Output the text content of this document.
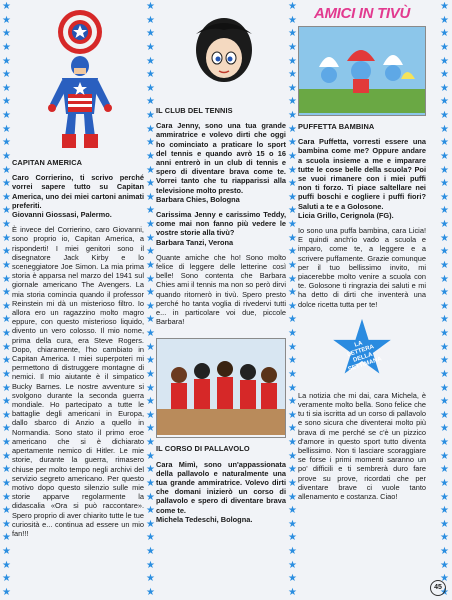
★
★
★
★
★
★
★
★
★
★
★
★
★
★
★
★
★
★
★
★
★
★
★
★
★
★
★
★
★
★
★
★
★
★
★
★
★
★
★
★
★
★
★
★
★
★
★
★
★
★
★
★
★
★
★
★
★
★
★
★
★
★
★
★
★
★
★
★
★
★
★
★
★
★
★
★
★
★
★
★
★
★
★
★
★
★
★
★
★
★
★
★
★
★
★
★
★
★
★
★
★
★
★
★
★
★
★
★
★
★
★
★
★
★
★
★
★
★
★
★
★
★
★
★
★
★
★
★
★
★
★
★
★
★
★
★
★
★
★
★
★
★
★
★
★
★
★
★
★
★
★
★
★
★
★
★
★
★
★
★
★
★
★
★
★
★
★
★
★
★
★
★
★
★
★
★
CAPITAN AMERICA

Caro Corrierino, ti scrivo perché vorrei sapere tutto su Capitan America, uno dei miei cartoni animati preferiti.
Giovanni Giossasi, Palermo.

È invece del Corrierino, caro Giovanni, sono proprio io, Capitan America, a risponderti! I miei genitori sono il disegnatore Jack Kirby e lo sceneggiatore Joe Simon. La mia prima storia è apparsa nel marzo del 1941 sul giornale americano The Avengers. La mia storia comincia quando il professor Reinstein mi dà un misterioso filtro. Io allora ero un ragazzino molto magro eppure, con questo misterioso liquido, divento un vero colosso. Il mio nome, prima della cura, era Steve Rogers. Dopo, chiaramente, l'ho cambiato in Capitan America. I miei superpoteri mi permettono di distruggere montagne di nemici. Il mio aiutante è il simpatico Bucky Barnes. Le nostre avventure si svolgono durante la seconda guerra mondiale. Ho partecipato a tutte le battaglie degli americani in Europa, dallo sbarco di Anzio a quello in Normandia. Sono stato il primo eroe americano che si è dichiarato apertamente nemico di Hitler. Le mie storie, durante la guerra, rimasero chiuse per molto tempo negli archivi del servizio segreto americano. Per questo motivo dopo questo silenzio sulle mie storie apparve regolarmente la didascalia «Ora si può raccontare». Spero proprio di aver chiarito tutte le tue curiosità e... continua ad essere un mio fan!!!

IL CLUB DEL TENNIS

Cara Jenny, sono una tua grande ammiratrice e volevo dirti che oggi ho cominciato a praticare lo sport del tennis e quando avrò 15 o 16 anni entrerò in un club di tennis e spero di diventare brava come te. Vorrei tanto che tu riapparissi alla televisione molto presto.
Barbara Chies, Bologna

Carissima Jenny e carissimo Teddy, come mai non fanno più vedere le vostre storie alla tivù?
Barbara Tanzi, Verona

Quante amiche che ho! Sono molto felice di leggere delle letterine così belle! Sono contenta che Barbara Chies ami il tennis ma non so però dirvi quando ritornerò in tivù. Spero presto perché ho tanta voglia di rivedervi tutti e... in particolare voi due, piccole Barbara!

IL CORSO DI PALLAVOLO

Cara Mimì, sono un'appassionata della pallavolo e naturalmente una tua grande ammiratrice. Volevo dirti che domani inizierò un corso di pallavolo e spero di diventare brava come te.
Michela Tedeschi, Bologna.

AMICI IN TIVÙ
PUFFETTA BAMBINA

Cara Puffetta, vorresti essere una bambina come me? Oppure andare a scuola insieme a me e imparare tutte le cose belle della scuola? Poi se vuoi rimanere con i miei puffi non ti forzo. Ti piace saltellare nei puffi boschi e cogliere i puffi fiori? Saluti a te e a Golosone.
Licia Grillo, Cerignola (FG).

Io sono una puffa bambina, cara Licia! E quindi anch'io vado a scuola e imparo, come te, a leggere e a scrivere puffamente. Grazie comunque per il tuo bellissimo invito, mi piacerebbe molto venire a scuola con te. Golosone ti ringrazia dei saluti e mi ha detto di dirti che inventerà una dolce ricetta tutta per te!

LA LETTERA DELLA SETTIMANA

La notizia che mi dai, cara Michela, è veramente molto bella. Sono felice che tu ti sia iscritta ad un corso di pallavolo e sono sicura che diventerai molto più brava di me perché se c'è un pizzico d'amore in questo sport tutto diventa bellissimo. Non ti lasciare scoraggiare se forse i primi momenti saranno un po' difficili e ti sembrerà duro fare prove su prove, ricordati che per diventare brave ci vuole tanto allenamento e costanza. Ciao!

45
